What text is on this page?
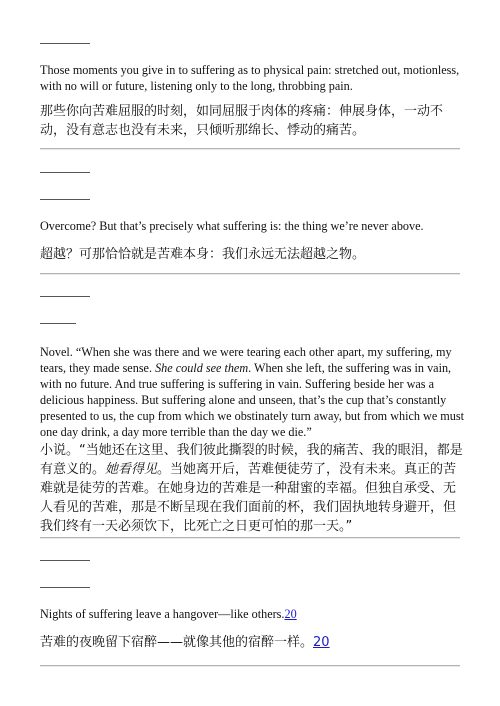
Those moments you give in to suffering as to physical pain: stretched out, motionless, with no will or future, listening only to the long, throbbing pain.

那些你向苦难屈服的时刻，如同屈服于肉体的疼痛：伸展身体，一动不动，没有意志也没有未来，只倾听那绵长、悸动的痛苦。

Overcome? But that’s precisely what suffering is: the thing we’re never above.

超越？可那恰恰就是苦难本身：我们永远无法超越之物。

Novel. “When she was there and we were tearing each other apart, my suffering, my tears, they made sense. She could see them. When she left, the suffering was in vain, with no future. And true suffering is suffering in vain. Suffering beside her was a delicious happiness. But suffering alone and unseen, that’s the cup that’s constantly presented to us, the cup from which we obstinately turn away, but from which we must one day drink, a day more terrible than the day we die.”

小说。“当她还在这里、我们彼此撕裂的时候，我的痛苦、我的眼泪，都是有意义的。她看得见。当她离开后，苦难便徒劳了，没有未来。真正的苦难就是徒劳的苦难。在她身边的苦难是一种甜蜜的幸福。但独自承受、无人看见的苦难，那是不断呈现在我们面前的杯，我们固执地转身避开，但我们终有一天必须饮下，比死亡之日更可怕的那一天。”

Nights of suffering leave a hangover—like others.20

苦难的夜晚留下宿醉——就像其他的宿醉一样。20
